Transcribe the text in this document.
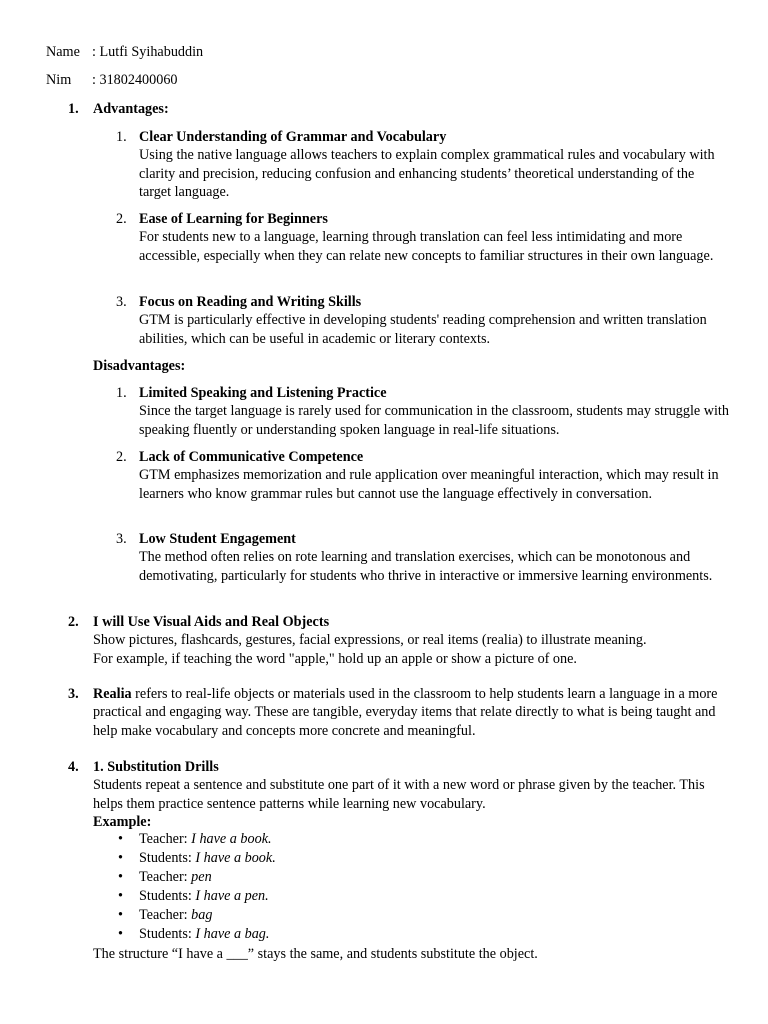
Name : Lutfi Syihabuddin
Nim : 31802400060
1. Advantages:
1. Clear Understanding of Grammar and Vocabulary
Using the native language allows teachers to explain complex grammatical rules and vocabulary with clarity and precision, reducing confusion and enhancing students’ theoretical understanding of the target language.
2. Ease of Learning for Beginners
For students new to a language, learning through translation can feel less intimidating and more accessible, especially when they can relate new concepts to familiar structures in their own language.
3. Focus on Reading and Writing Skills
GTM is particularly effective in developing students' reading comprehension and written translation abilities, which can be useful in academic or literary contexts.
Disadvantages:
1. Limited Speaking and Listening Practice
Since the target language is rarely used for communication in the classroom, students may struggle with speaking fluently or understanding spoken language in real-life situations.
2. Lack of Communicative Competence
GTM emphasizes memorization and rule application over meaningful interaction, which may result in learners who know grammar rules but cannot use the language effectively in conversation.
3. Low Student Engagement
The method often relies on rote learning and translation exercises, which can be monotonous and demotivating, particularly for students who thrive in interactive or immersive learning environments.
2. I will Use Visual Aids and Real Objects
Show pictures, flashcards, gestures, facial expressions, or real items (realia) to illustrate meaning.
For example, if teaching the word "apple," hold up an apple or show a picture of one.
3. Realia refers to real-life objects or materials used in the classroom to help students learn a language in a more practical and engaging way. These are tangible, everyday items that relate directly to what is being taught and help make vocabulary and concepts more concrete and meaningful.
4. 1. Substitution Drills
Students repeat a sentence and substitute one part of it with a new word or phrase given by the teacher. This helps them practice sentence patterns while learning new vocabulary.
Example:
• Teacher: I have a book.
• Students: I have a book.
• Teacher: pen
• Students: I have a pen.
• Teacher: bag
• Students: I have a bag.
The structure “I have a ___” stays the same, and students substitute the object.
